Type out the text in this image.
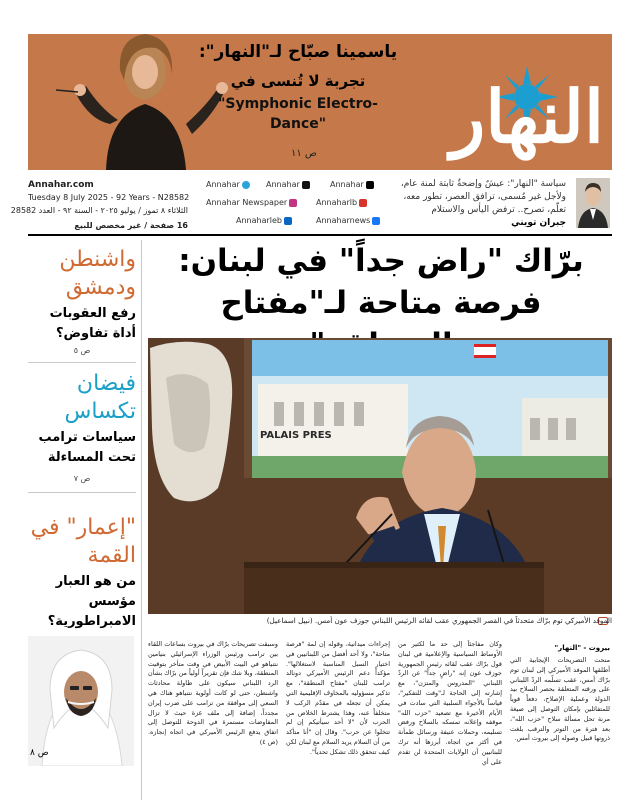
ياسمينا صبّاح لـ"النهار":
تجربة لا تُنسى في
"Symphonic Electro-Dance"
ص ١١ النهار
Annahar.com
Tuesday 8 July 2025 - 92 Years - N28582
الثلاثاء ٨ تموز / يوليو ٢٠٢٥ - السنة ٩٢ - العدد 28582
16 صفحة / غير مخصص للبيع
Annahar
Annahar
Annahar
Annaharlb
Annahar Newspaper
Annaharnews
Annaharleb
سياسة "النهار": عيشٌ وإضحةٌ ثابتة لمنة عام، ولأجل غير مُسمى، ترافق العصر، تطور معه، تعلّم، تصرح.. ترفض اليأس والاستلام
جبران تويني
برّاك "راض جداً" في لبنان:
فرصة متاحة لـ"مفتاح
PALAIS PRES
الموفد الأميركي توم برّاك متحدثاً في القصر الجمهوري عقب لقائه الرئيس اللبناني جوزف عون أمس. (نبيل اسماعيل)
بيروت - "النهار"
منحت التصريحات الإيجابية التي أطلقها الموفد الأميركي إلى لبنان توم برّاك أمس، عقب تسلّمه الردّ اللبناني على ورقته المتعلقة بحصر السلاح بيد الدولة وعملية الإصلاح، دفعاً قوياً للمتفائلين بإمكان التوصل إلى صيغة مرنة تحل مسألة سلاح "حزب الله"، بعد فترة من التوتر والترقب بلغت ذروتها قبيل وصوله إلى بيروت أمس.
وكان مفاجئاً إلى حد ما لكثير من الأوساط السياسية والإعلامية في لبنان قول برّاك عقب لقائه رئيس الجمهورية جوزف عون إنه "راضٍ جداً" عن الردّ اللبناني "المدروس والمتزن"، مع إشارته إلى الحاجة لـ"وقت للتفكير"، قياساً بالأجواء السلبية التي سادت في الأيام الأخيرة مع تصعيد "حزب الله" موقفه وإعلانه تمسكه بالسلاح ورفض تسليمه، وحملات عنيفة ورسائل طمأنة في أكثر من اتجاه. أبرزها أنه ترك للبنانيين أن الولايات المتحدة لن تقدم على أي
إجراءات ميدانية، وقوله إن لمة "فرصة متاحة"، ولا أحد أفضل من اللبنانيين في اختيار السبل المناسبة لاستغلالها". مؤكداً دعم الرئيس الأميركي دونالد ترامب للبنان "مفتاح المنطقة"، مع تذكير مسؤوليه بالمخاوف الإقليمية التي يمكن أن تجعله في مقدّم الركب لا متخلفاً عنه، وهذا يشترط الخلاص من الحرب لأن "لا أحد سيأتيكم إن لم تتخلوا عن حرب". وقال إن "أنا متأكد من أن السلام يريد السلام مع لبنان لكن كيف تتحقق ذلك تشكل تحدياً".
وسبقت تصريحات برّاك في بيروت بساعات اللقاء بين ترامب ورئيس الوزراء الإسرائيلي بنيامين نتنياهو في البيت الأبيض في وقت متأخر بتوقيت المنطقة، وبلا شك فإن تقريراً أولياً من برّاك بشأن الرد اللبناني سيكون على طاولة محادثات واشنطن، حتى لو كانت أولوية نتنياهو هناك هي السعي إلى موافقة من ترامب على ضرب إيران مجدداً، إضافة إلى ملف غزة حيث لا تزال المفاوضات مستمرة في الدوحة للتوصل إلى اتفاق يدفع الرئيس الأميركي في اتجاه إنجازه. (ص ٤)
واشنطن ودمشق
رفع العقوبات أداة تفاوض؟
ص ٥
فيضان تكساس
سياسات ترامب تحت المساءلة
ص ٧
"إعمار" في القمة
من هو العبار مؤسس الامبراطورية؟
ص ٨
